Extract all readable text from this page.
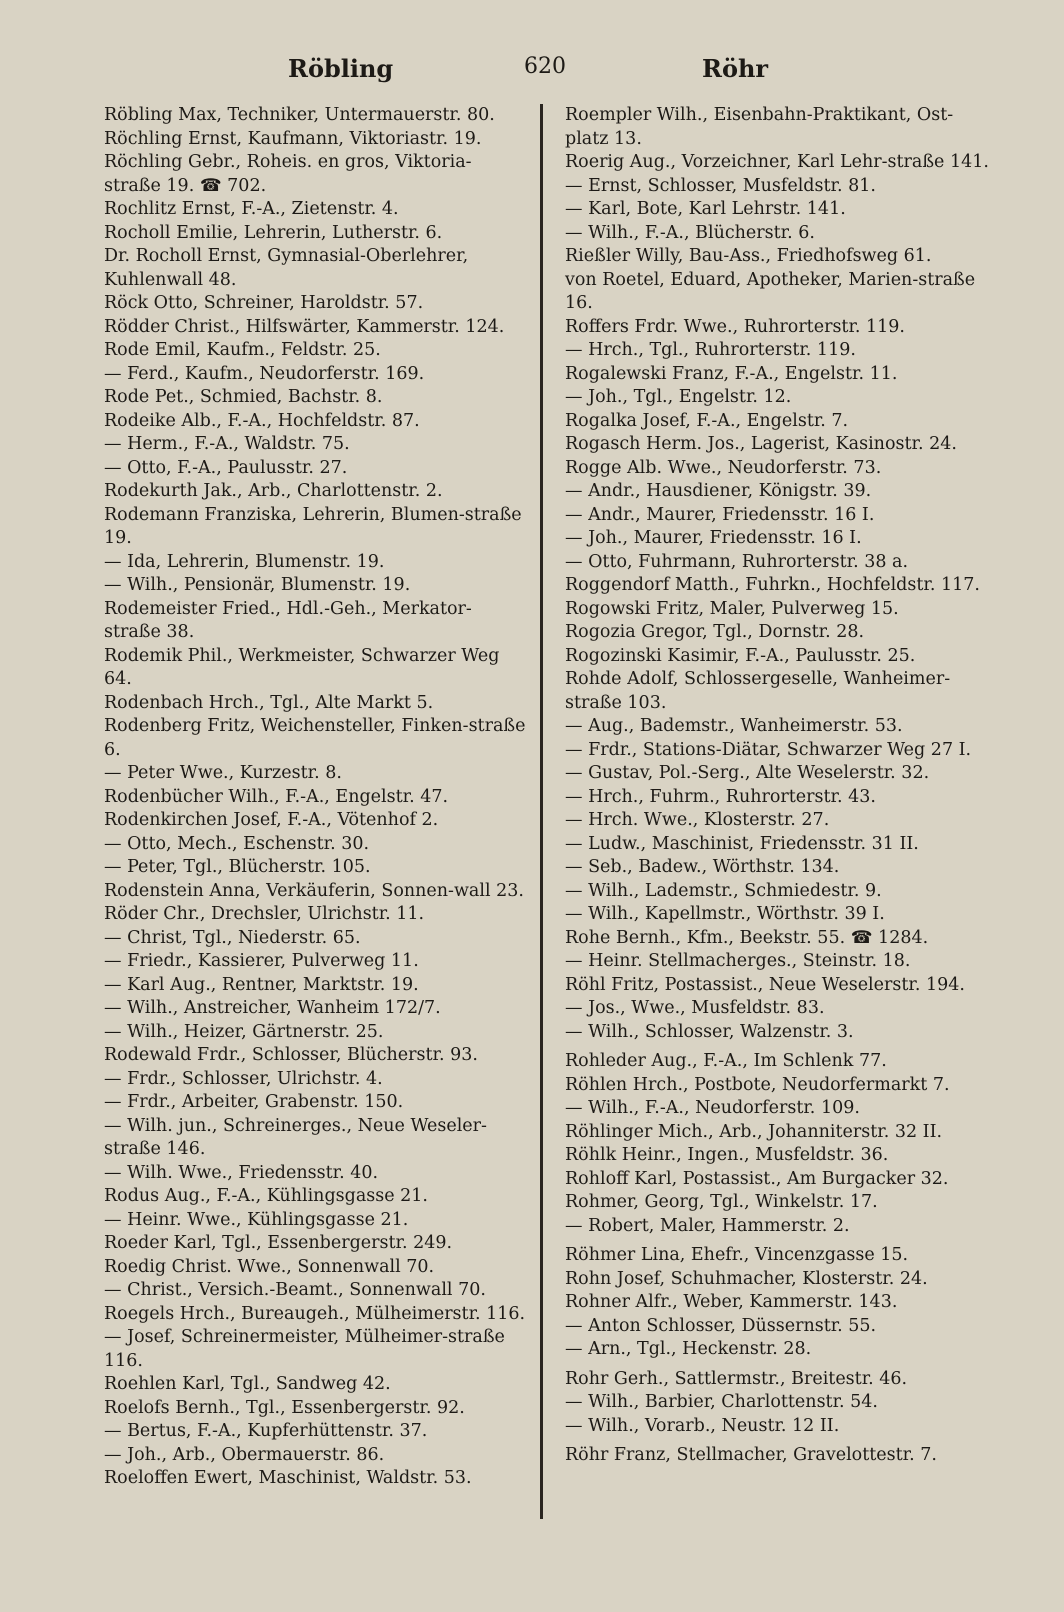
Röbling	620	Röhr
Röbling Max, Techniker, Untermauerstr. 80.
Röchling Ernst, Kaufmann, Viktoriastr. 19.
Röchling Gebr., Roheis. en gros, Viktoria-straße 19. ☎ 702.
Rochlitz Ernst, F.-A., Zietenstr. 4.
Rocholl Emilie, Lehrerin, Lutherstr. 6.
Dr. Rocholl Ernst, Gymnasial-Oberlehrer, Kuhlenwall 48.
Röck Otto, Schreiner, Haroldstr. 57.
Rödder Christ., Hilfswärter, Kammerstr. 124.
Rode Emil, Kaufm., Feldstr. 25.
— Ferd., Kaufm., Neudorferstr. 169.
Rode Pet., Schmied, Bachstr. 8.
Rodeike Alb., F.-A., Hochfeldstr. 87.
— Herm., F.-A., Waldstr. 75.
— Otto, F.-A., Paulusstr. 27.
Rodekurth Jak., Arb., Charlottenstr. 2.
Rodemann Franziska, Lehrerin, Blumen-straße 19.
— Ida, Lehrerin, Blumenstr. 19.
— Wilh., Pensionär, Blumenstr. 19.
Rodemeister Fried., Hdl.-Geh., Merkator-straße 38.
Rodemik Phil., Werkmeister, Schwarzer Weg 64.
Rodenbach Hrch., Tgl., Alte Markt 5.
Rodenberg Fritz, Weichensteller, Finken-straße 6.
— Peter Wwe., Kurzestr. 8.
Rodenbücher Wilh., F.-A., Engelstr. 47.
Rodenkirchen Josef, F.-A., Vötenhof 2.
— Otto, Mech., Eschenstr. 30.
— Peter, Tgl., Blücherstr. 105.
Rodenstein Anna, Verkäuferin, Sonnen-wall 23.
Röder Chr., Drechsler, Ulrichstr. 11.
— Christ, Tgl., Niederstr. 65.
— Friedr., Kassierer, Pulverweg 11.
— Karl Aug., Rentner, Marktstr. 19.
— Wilh., Anstreicher, Wanheim 172/7.
— Wilh., Heizer, Gärtnerstr. 25.
Rodewald Frdr., Schlosser, Blücherstr. 93.
— Frdr., Schlosser, Ulrichstr. 4.
— Frdr., Arbeiter, Grabenstr. 150.
— Wilh. jun., Schreinerges., Neue Weseler-straße 146.
— Wilh. Wwe., Friedensstr. 40.
Rodus Aug., F.-A., Kühlingsgasse 21.
— Heinr. Wwe., Kühlingsgasse 21.
Roeder Karl, Tgl., Essenbergerstr. 249.
Roedig Christ. Wwe., Sonnenwall 70.
— Christ., Versich.-Beamt., Sonnenwall 70.
Roegels Hrch., Bureaugeh., Mülheimerstr. 116.
— Josef, Schreinermeister, Mülheimer-straße 116.
Roehlen Karl, Tgl., Sandweg 42.
Roelofs Bernh., Tgl., Essenbergerstr. 92.
— Bertus, F.-A., Kupferhüttenstr. 37.
— Joh., Arb., Obermauerstr. 86.
Roeloffen Ewert, Maschinist, Waldstr. 53.
Roempler Wilh., Eisenbahn-Praktikant, Ost-platz 13.
Roerig Aug., Vorzeichner, Karl Lehr-straße 141.
— Ernst, Schlosser, Musfeldstr. 81.
— Karl, Bote, Karl Lehrstr. 141.
— Wilh., F.-A., Blücherstr. 6.
Rießler Willy, Bau-Ass., Friedhofsweg 61.
von Roetel, Eduard, Apotheker, Marien-straße 16.
Roffers Frdr. Wwe., Ruhrorterstr. 119.
— Hrch., Tgl., Ruhrorterstr. 119.
Rogalewski Franz, F.-A., Engelstr. 11.
— Joh., Tgl., Engelstr. 12.
Rogalka Josef, F.-A., Engelstr. 7.
Rogasch Herm. Jos., Lagerist, Kasinostr. 24.
Rogge Alb. Wwe., Neudorferstr. 73.
— Andr., Hausdiener, Königstr. 39.
— Andr., Maurer, Friedensstr. 16 I.
— Joh., Maurer, Friedensstr. 16 I.
— Otto, Fuhrmann, Ruhrorterstr. 38 a.
Roggendorf Matth., Fuhrkn., Hochfeldstr. 117.
Rogowski Fritz, Maler, Pulverweg 15.
Rogozia Gregor, Tgl., Dornstr. 28.
Rogozinski Kasimir, F.-A., Paulusstr. 25.
Rohde Adolf, Schlossergeselle, Wanheimer-straße 103.
— Aug., Bademstr., Wanheimerstr. 53.
— Frdr., Stations-Diätar, Schwarzer Weg 27 I.
— Gustav, Pol.-Serg., Alte Weselerstr. 32.
— Hrch., Fuhrm., Ruhrorterstr. 43.
— Hrch. Wwe., Klosterstr. 27.
— Ludw., Maschinist, Friedensstr. 31 II.
— Seb., Badew., Wörthstr. 134.
— Wilh., Lademstr., Schmiedestr. 9.
— Wilh., Kapellmstr., Wörthstr. 39 I.
Rohe Bernh., Kfm., Beekstr. 55. ☎ 1284.
— Heinr. Stellmacherges., Steinstr. 18.
Röhl Fritz, Postassist., Neue Weselerstr. 194.
— Jos., Wwe., Musfeldstr. 83.
— Wilh., Schlosser, Walzenstr. 3.
Rohleder Aug., F.-A., Im Schlenk 77.
Röhlen Hrch., Postbote, Neudorfermarkt 7.
— Wilh., F.-A., Neudorferstr. 109.
Röhlinger Mich., Arb., Johanniterstr. 32 II.
Röhlk Heinr., Ingen., Musfeldstr. 36.
Rohloff Karl, Postassist., Am Burgacker 32.
Rohmer, Georg, Tgl., Winkelstr. 17.
— Robert, Maler, Hammerstr. 2.
Röhmer Lina, Ehefr., Vincenzgasse 15.
Rohn Josef, Schuhmacher, Klosterstr. 24.
Rohner Alfr., Weber, Kammerstr. 143.
— Anton Schlosser, Düssernstr. 55.
— Arn., Tgl., Heckenstr. 28.
Rohr Gerh., Sattlermstr., Breitestr. 46.
— Wilh., Barbier, Charlottenstr. 54.
— Wilh., Vorarb., Neustr. 12 II.
Röhr Franz, Stellmacher, Gravelottestr. 7.
